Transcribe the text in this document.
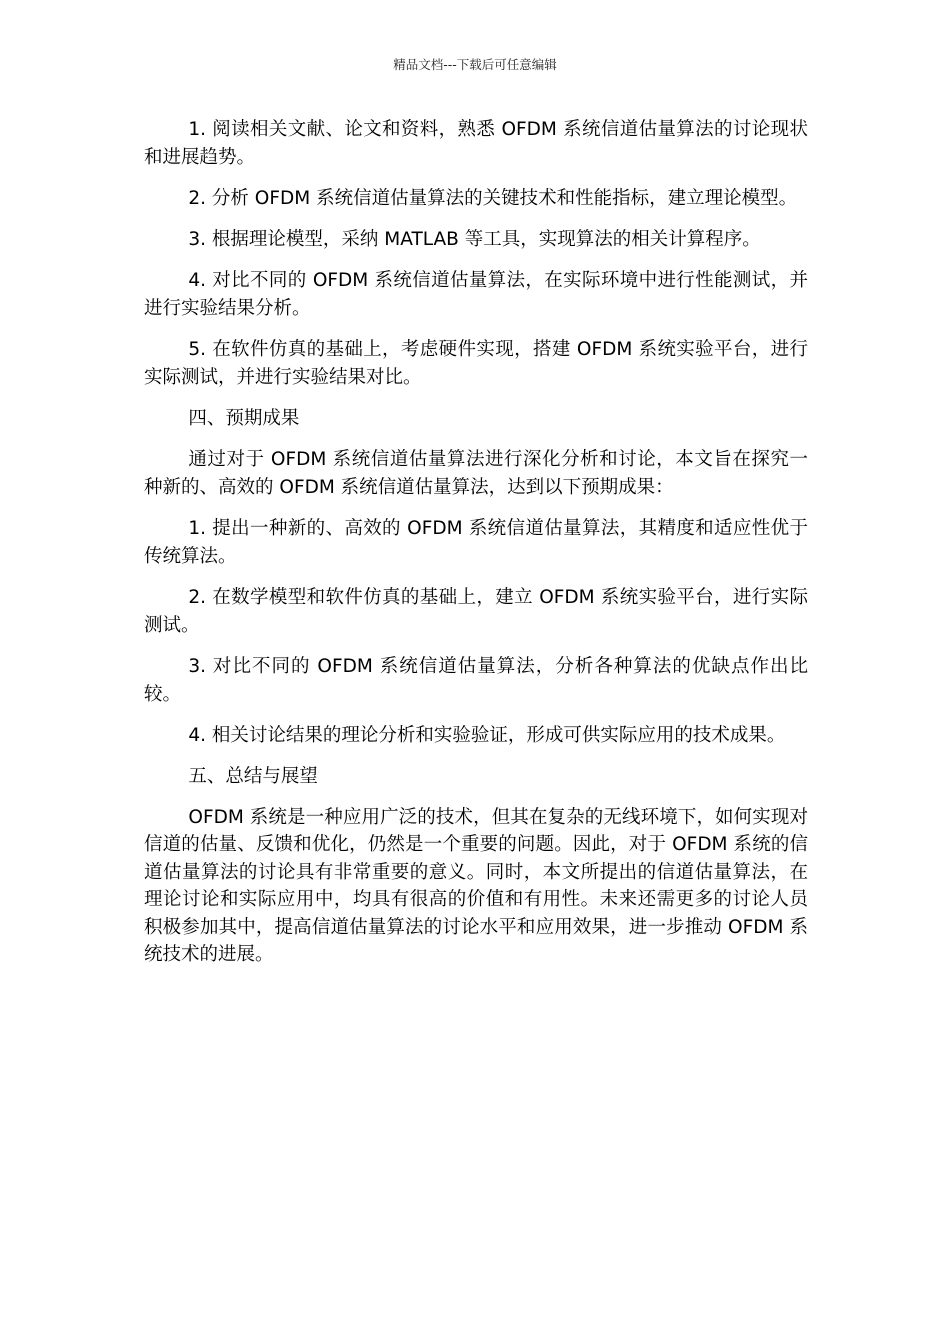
精品文档---下载后可任意编辑

1. 阅读相关文献、论文和资料，熟悉 OFDM 系统信道估量算法的讨论现状和进展趋势。

2. 分析 OFDM 系统信道估量算法的关键技术和性能指标，建立理论模型。

3. 根据理论模型，采纳 MATLAB 等工具，实现算法的相关计算程序。

4. 对比不同的 OFDM 系统信道估量算法，在实际环境中进行性能测试，并进行实验结果分析。

5. 在软件仿真的基础上，考虑硬件实现，搭建 OFDM 系统实验平台，进行实际测试，并进行实验结果对比。

四、预期成果

通过对于 OFDM 系统信道估量算法进行深化分析和讨论，本文旨在探究一种新的、高效的 OFDM 系统信道估量算法，达到以下预期成果：

1. 提出一种新的、高效的 OFDM 系统信道估量算法，其精度和适应性优于传统算法。

2. 在数学模型和软件仿真的基础上，建立 OFDM 系统实验平台，进行实际测试。

3. 对比不同的 OFDM 系统信道估量算法，分析各种算法的优缺点作出比较。

4. 相关讨论结果的理论分析和实验验证，形成可供实际应用的技术成果。

五、总结与展望

OFDM 系统是一种应用广泛的技术，但其在复杂的无线环境下，如何实现对信道的估量、反馈和优化，仍然是一个重要的问题。因此，对于 OFDM 系统的信道估量算法的讨论具有非常重要的意义。同时，本文所提出的信道估量算法，在理论讨论和实际应用中，均具有很高的价值和有用性。未来还需更多的讨论人员积极参加其中，提高信道估量算法的讨论水平和应用效果，进一步推动 OFDM 系统技术的进展。
